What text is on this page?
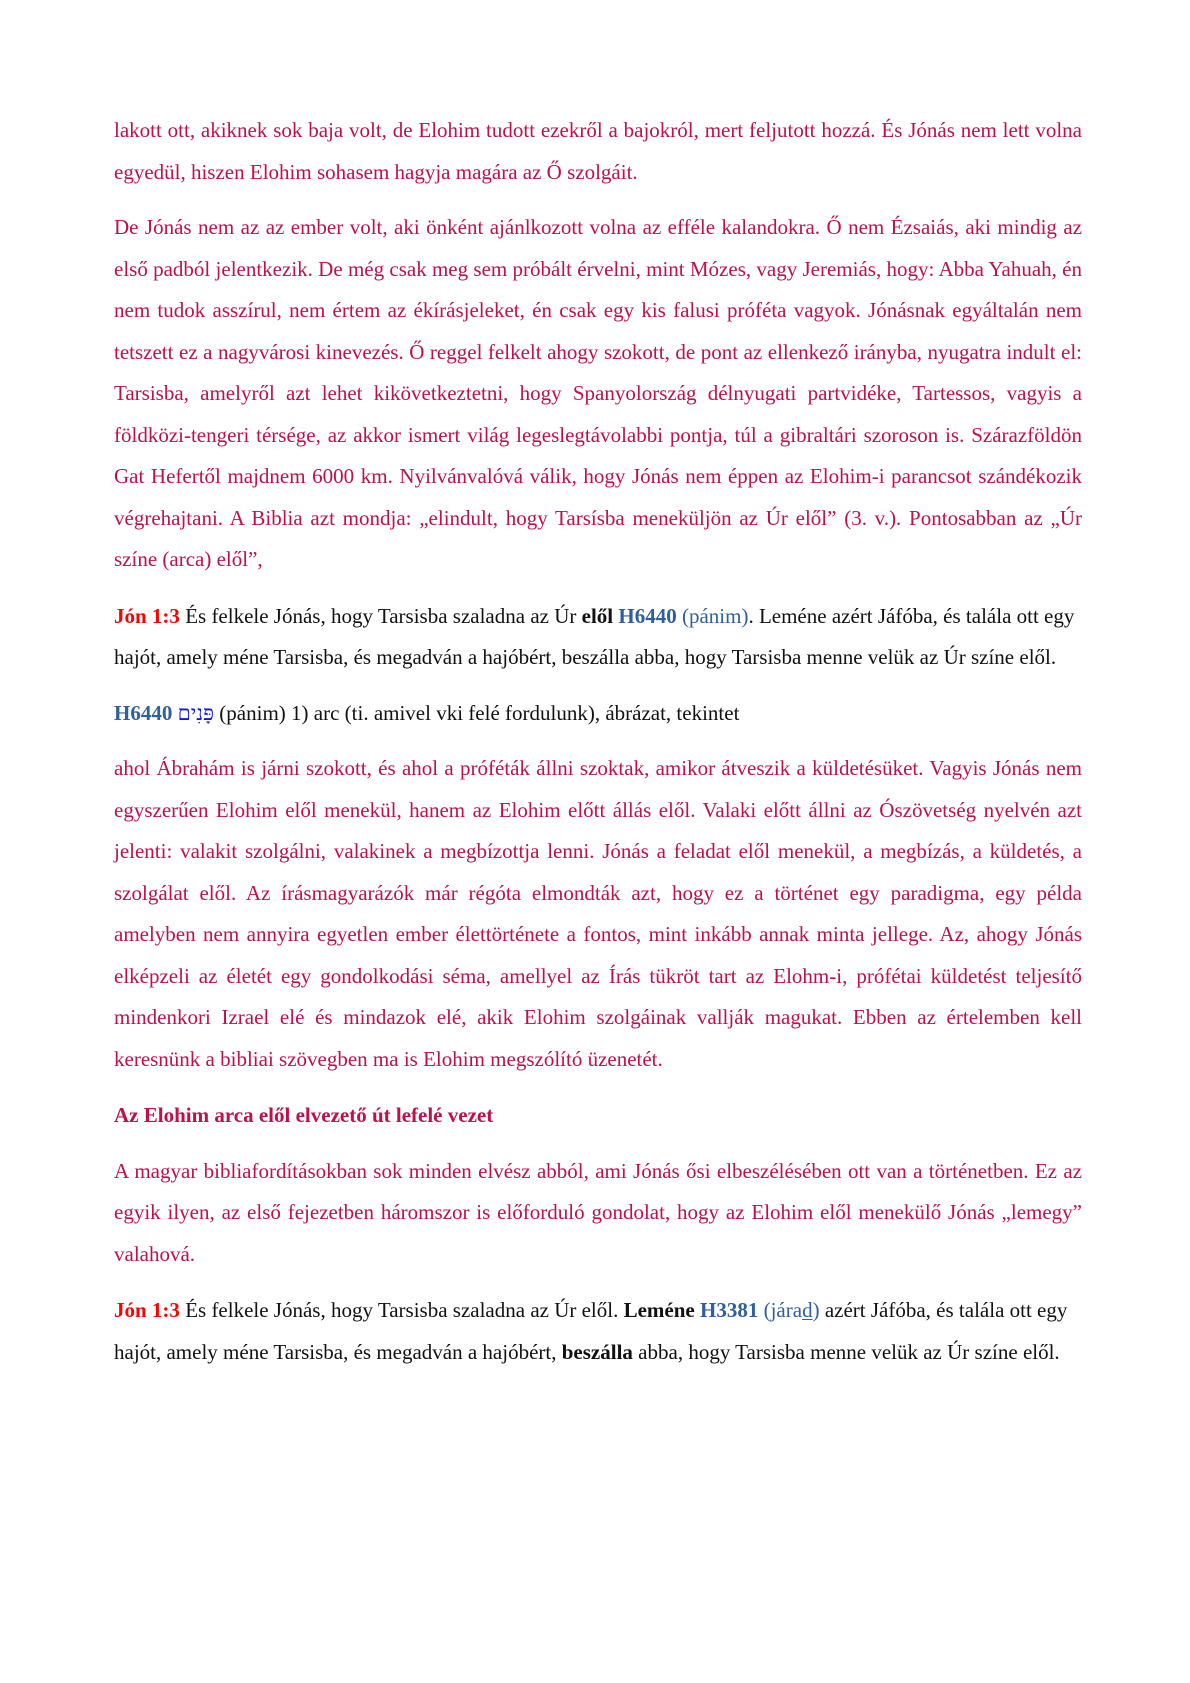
lakott ott, akiknek sok baja volt, de Elohim tudott ezekről a bajokról, mert feljutott hozzá. És Jónás nem lett volna egyedül, hiszen Elohim sohasem hagyja magára az Ő szolgáit.

De Jónás nem az az ember volt, aki önként ajánlkozott volna az efféle kalandokra. Ő nem Ézsaiás, aki mindig az első padból jelentkezik. De még csak meg sem próbált érvelni, mint Mózes, vagy Jeremiás, hogy: Abba Yahuah, én nem tudok asszírul, nem értem az ékírásjeleket, én csak egy kis falusi próféta vagyok. Jónásnak egyáltalán nem tetszett ez a nagyvárosi kinevezés. Ő reggel felkelt ahogy szokott, de pont az ellenkező irányba, nyugatra indult el: Tarsisba, amelyről azt lehet kikövetkeztetni, hogy Spanyolország délnyugati partvidéke, Tartessos, vagyis a földközi-tengeri térsége, az akkor ismert világ legeslegtávolabbi pontja, túl a gibraltári szoroson is. Szárazföldön Gat Hefertől majdnem 6000 km. Nyilvánvalóvá válik, hogy Jónás nem éppen az Elohim-i parancsot szándékozik végrehajtani. A Biblia azt mondja: „elindult, hogy Tarsísba meneküljön az Úr elől” (3. v.). Pontosabban az „Úr színe (arca) elől”,

Jón 1:3 És felkele Jónás, hogy Tarsisba szaladna az Úr elől H6440 (pánim). Leméne azért Jáfóba, és talála ott egy hajót, amely méne Tarsisba, és megadván a hajóbért, beszálla abba, hogy Tarsisba menne velük az Úr színe elől.

H6440 פָּנִים (pánim) 1) arc (ti. amivel vki felé fordulunk), ábrázat, tekintet

ahol Ábrahám is járni szokott, és ahol a próféták állni szoktak, amikor átveszik a küldetésüket. Vagyis Jónás nem egyszerűen Elohim elől menekül, hanem az Elohim előtt állás elől. Valaki előtt állni az Ószövetség nyelvén azt jelenti: valakit szolgálni, valakinek a megbízottja lenni. Jónás a feladat elől menekül, a megbízás, a küldetés, a szolgálat elől. Az írásmagyarázók már régóta elmondták azt, hogy ez a történet egy paradigma, egy példa amelyben nem annyira egyetlen ember élettörténete a fontos, mint inkább annak minta jellege. Az, ahogy Jónás elképzeli az életét egy gondolkodási séma, amellyel az Írás tükröt tart az Elohm-i, prófétai küldetést teljesítő mindenkori Izrael elé és mindazok elé, akik Elohim szolgáinak vallják magukat. Ebben az értelemben kell keresnünk a bibliai szövegben ma is Elohim megszólító üzenetét.

Az Elohim arca elől elvezető út lefelé vezet

A magyar bibliafordításokban sok minden elvész abból, ami Jónás ősi elbeszélésében ott van a történetben. Ez az egyik ilyen, az első fejezetben háromszor is előforduló gondolat, hogy az Elohim elől menekülő Jónás „lemegy” valahová.

Jón 1:3 És felkele Jónás, hogy Tarsisba szaladna az Úr elől. Leméne H3381 (járad) azért Jáfóba, és talála ott egy hajót, amely méne Tarsisba, és megadván a hajóbért, beszálla abba, hogy Tarsisba menne velük az Úr színe elől.
